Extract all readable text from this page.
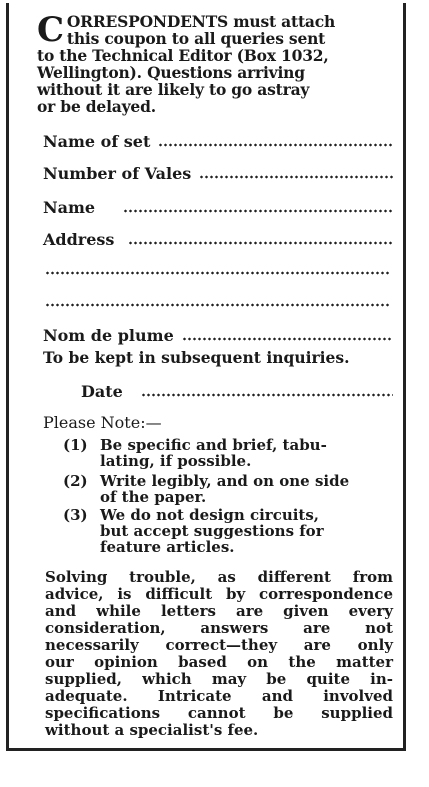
C ORRESPONDENTS must attach
this coupon to all queries sent
to the Technical Editor (Box 1032,
Wellington). Questions arriving
without it are likely to go astray
or be delayed.
Name of set
Number of Vales
Name
Address
Nom de plume
To be kept in subsequent inquiries.
Date
Please Note:—
(1) Be specific and brief, tabu-
lating, if possible.
(2) Write legibly, and on one side
of the paper.
(3) We do not design circuits,
but accept suggestions for
feature articles.
Solving trouble, as different from
advice, is difficult by correspondence
and while letters are given every
consideration, answers are not
necessarily correct—they are only
our opinion based on the matter
supplied, which may be quite in-
adequate. Intricate and involved
specifications cannot be supplied
without a specialist's fee.
